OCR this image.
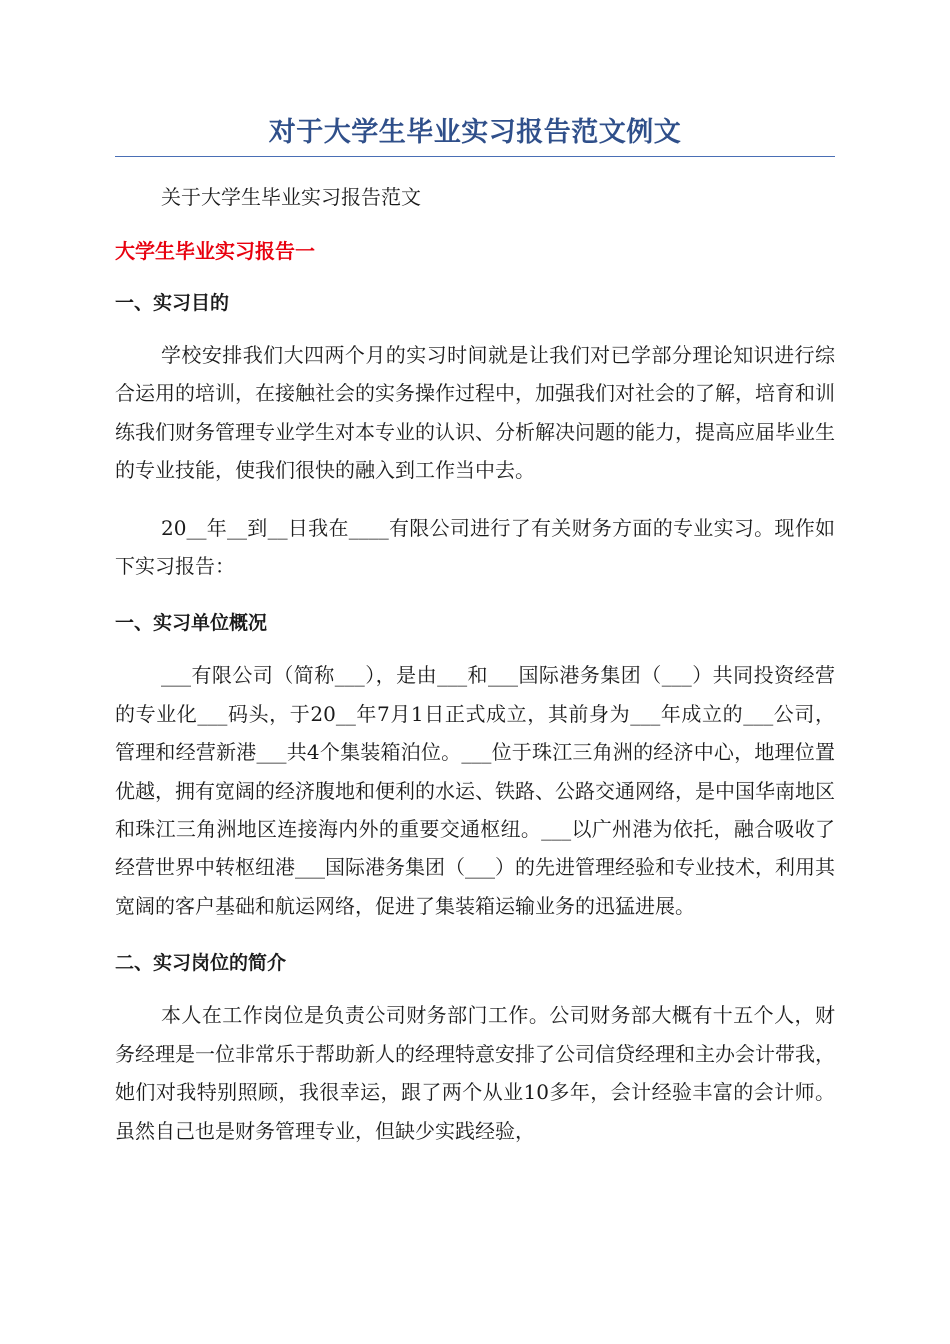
对于大学生毕业实习报告范文例文

关于大学生毕业实习报告范文

大学生毕业实习报告一
一、实习目的

学校安排我们大四两个月的实习时间就是让我们对已学部分理论知识进行综合运用的培训，在接触社会的实务操作过程中，加强我们对社会的了解，培育和训练我们财务管理专业学生对本专业的认识、分析解决问题的能力，提高应届毕业生的专业技能，使我们很快的融入到工作当中去。

20__年__到__日我在____有限公司进行了有关财务方面的专业实习。现作如下实习报告：

一、实习单位概况

___有限公司（简称___），是由___和___国际港务集团（___）共同投资经营的专业化___码头，于20__年7月1日正式成立，其前身为___年成立的___公司，管理和经营新港___共4个集装箱泊位。___位于珠江三角洲的经济中心，地理位置优越，拥有宽阔的经济腹地和便利的水运、铁路、公路交通网络，是中国华南地区和珠江三角洲地区连接海内外的重要交通枢纽。___以广州港为依托，融合吸收了经营世界中转枢纽港___国际港务集团（___）的先进管理经验和专业技术，利用其宽阔的客户基础和航运网络，促进了集装箱运输业务的迅猛进展。

二、实习岗位的简介

本人在工作岗位是负责公司财务部门工作。公司财务部大概有十五个人，财务经理是一位非常乐于帮助新人的经理特意安排了公司信贷经理和主办会计带我，她们对我特别照顾，我很幸运，跟了两个从业10多年，会计经验丰富的会计师。虽然自己也是财务管理专业，但缺少实践经验，
